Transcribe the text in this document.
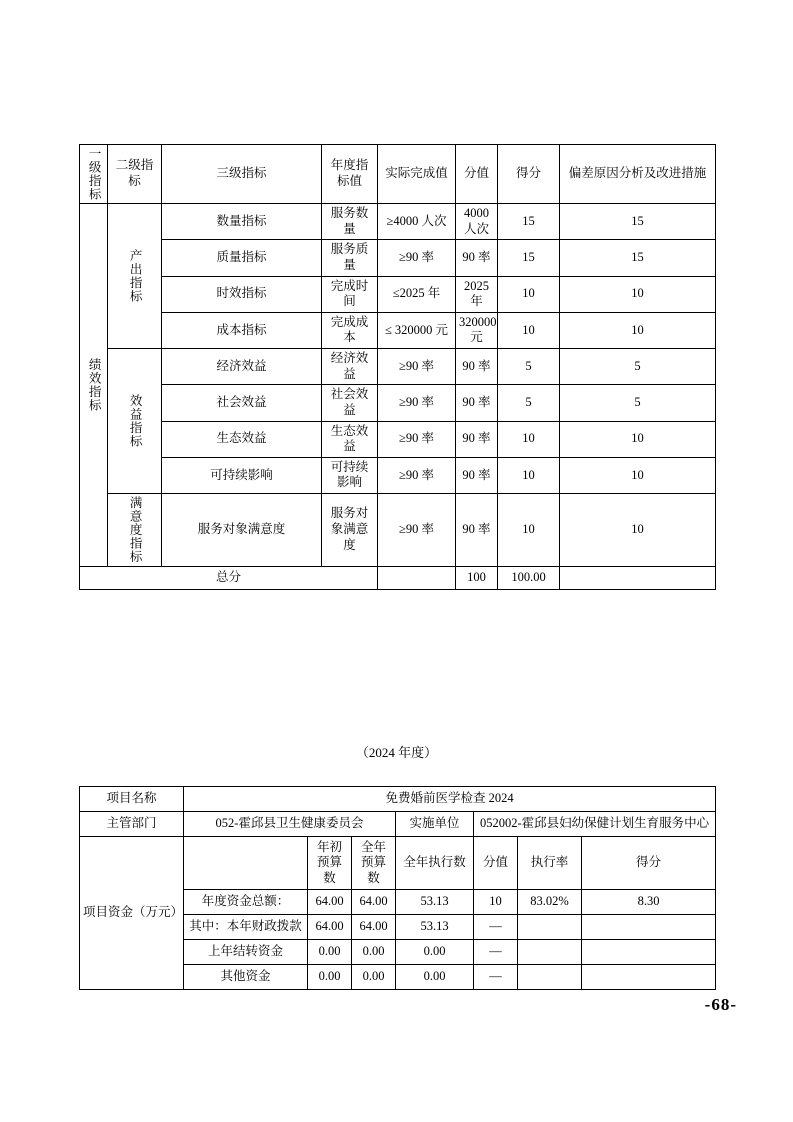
一级指标	二级指标	三级指标	年度指标值	实际完成值	分值	得分	偏差原因分析及改进措施	

绩效指标	产出指标	数量指标	服务数量	≥4000 人次	4000 人次	15	15	
		质量指标	服务质量	≥90 率	90 率	15	15	
		时效指标	完成时间	≤2025 年	2025 年	10	10	
		成本指标	完成成本	≤ 320000 元	320000 元	10	10	

	效益指标	经济效益	经济效益	≥90 率	90 率	5	5	
		社会效益	社会效益	≥90 率	90 率	5	5	
		生态效益	生态效益	≥90 率	90 率	10	10	
		可持续影响	可持续影响	≥90 率	90 率	10	10	

	满意度指标	服务对象满意度	服务对象满意度	≥90 率	90 率	10	10	
总分					100	100.00		
（2024 年度）
项目名称	免费婚前医学检查 2024						
主管部门	052-霍邱县卫生健康委员会			实施单位	052002-霍邱县妇幼保健计划生育服务中心		
项目资金（万元）		年初预算数	全年预算数	全年执行数	分值	执行率	得分
	年度资金总额：	64.00	64.00	53.13	10	83.02%	8.30
	其中：本年财政拨款	64.00	64.00	53.13	—		
	上年结转资金	0.00	0.00	0.00	—		
	其他资金	0.00	0.00	0.00	—		
-68-
